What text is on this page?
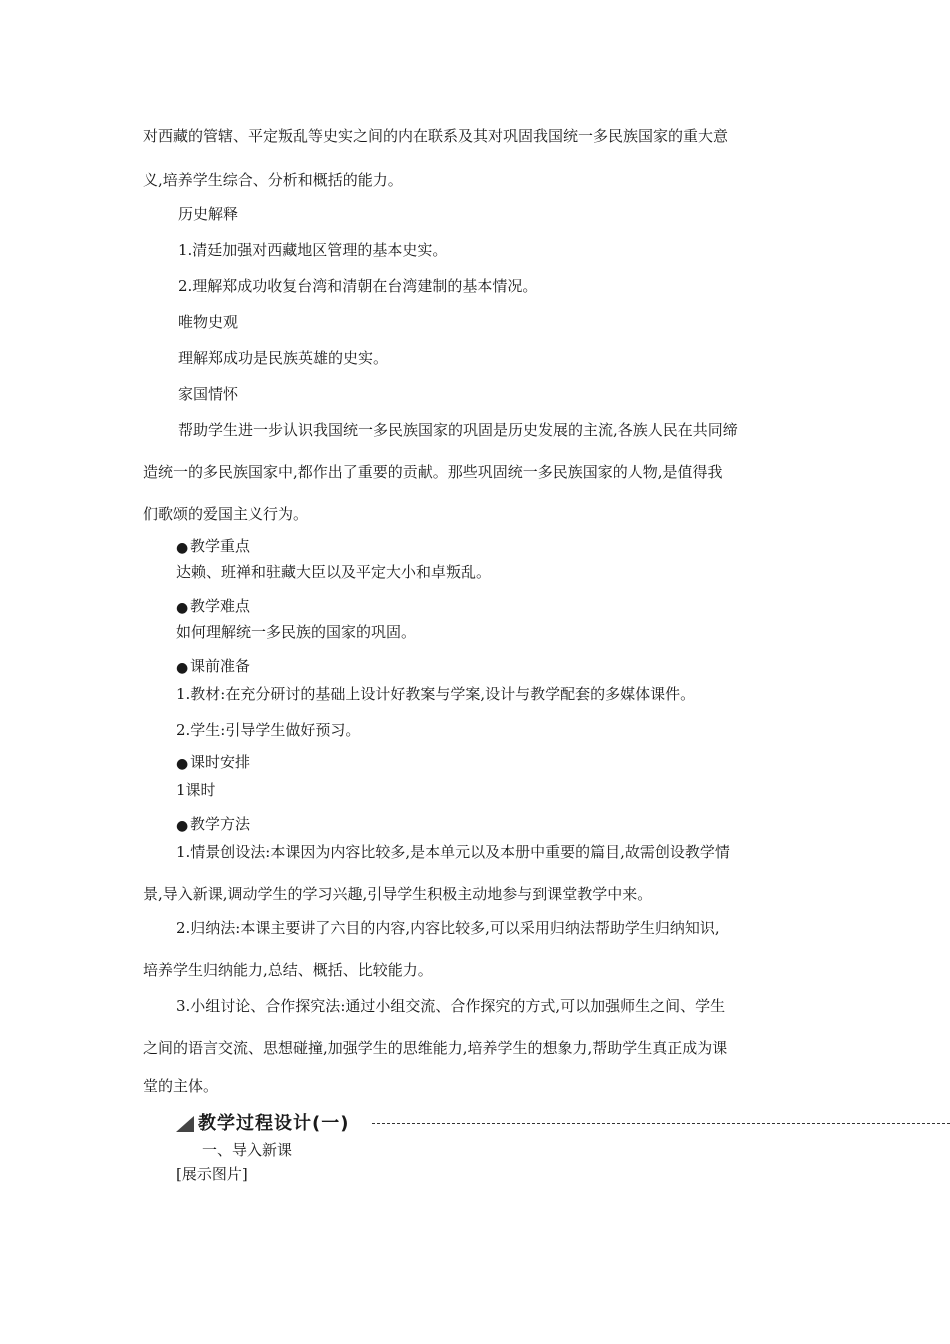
对西藏的管辖、平定叛乱等史实之间的内在联系及其对巩固我国统一多民族国家的重大意
义,培养学生综合、分析和概括的能力。
历史解释
1.清廷加强对西藏地区管理的基本史实。
2.理解郑成功收复台湾和清朝在台湾建制的基本情况。
唯物史观
理解郑成功是民族英雄的史实。
家国情怀
帮助学生进一步认识我国统一多民族国家的巩固是历史发展的主流,各族人民在共同缔
造统一的多民族国家中,都作出了重要的贡献。那些巩固统一多民族国家的人物,是值得我
们歌颂的爱国主义行为。
● 教学重点
达赖、班禅和驻藏大臣以及平定大小和卓叛乱。
● 教学难点
如何理解统一多民族的国家的巩固。
● 课前准备
1.教材:在充分研讨的基础上设计好教案与学案,设计与教学配套的多媒体课件。
2.学生:引导学生做好预习。
● 课时安排
1课时
● 教学方法
1.情景创设法:本课因为内容比较多,是本单元以及本册中重要的篇目,故需创设教学情
景,导入新课,调动学生的学习兴趣,引导学生积极主动地参与到课堂教学中来。
2.归纳法:本课主要讲了六目的内容,内容比较多,可以采用归纳法帮助学生归纳知识,
培养学生归纳能力,总结、概括、比较能力。
3.小组讨论、合作探究法:通过小组交流、合作探究的方式,可以加强师生之间、学生
之间的语言交流、思想碰撞,加强学生的思维能力,培养学生的想象力,帮助学生真正成为课
堂的主体。
教学过程设计(一)
一、导入新课
[展示图片]
